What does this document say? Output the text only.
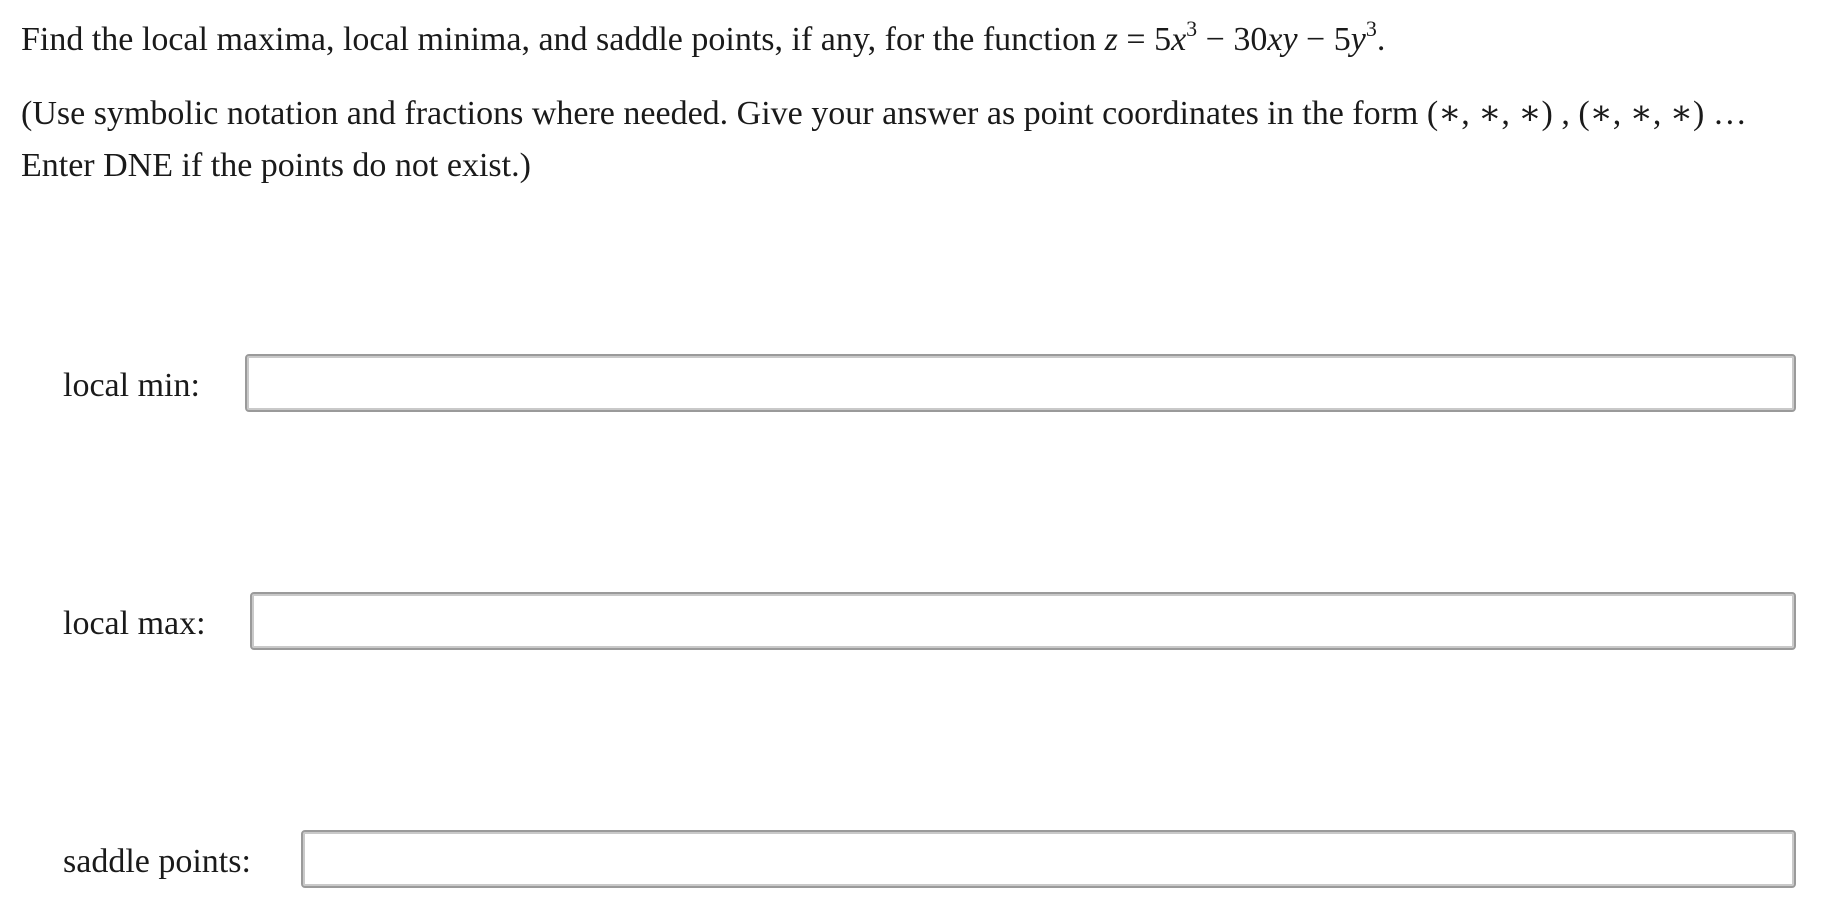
Find the local maxima, local minima, and saddle points, if any, for the function $z = 5x^3 - 30xy - 5y^3$.
(Use symbolic notation and fractions where needed. Give your answer as point coordinates in the form (∗, ∗, ∗) , (∗, ∗, ∗) …
Enter DNE if the points do not exist.)
local min:
local max:
saddle points:
